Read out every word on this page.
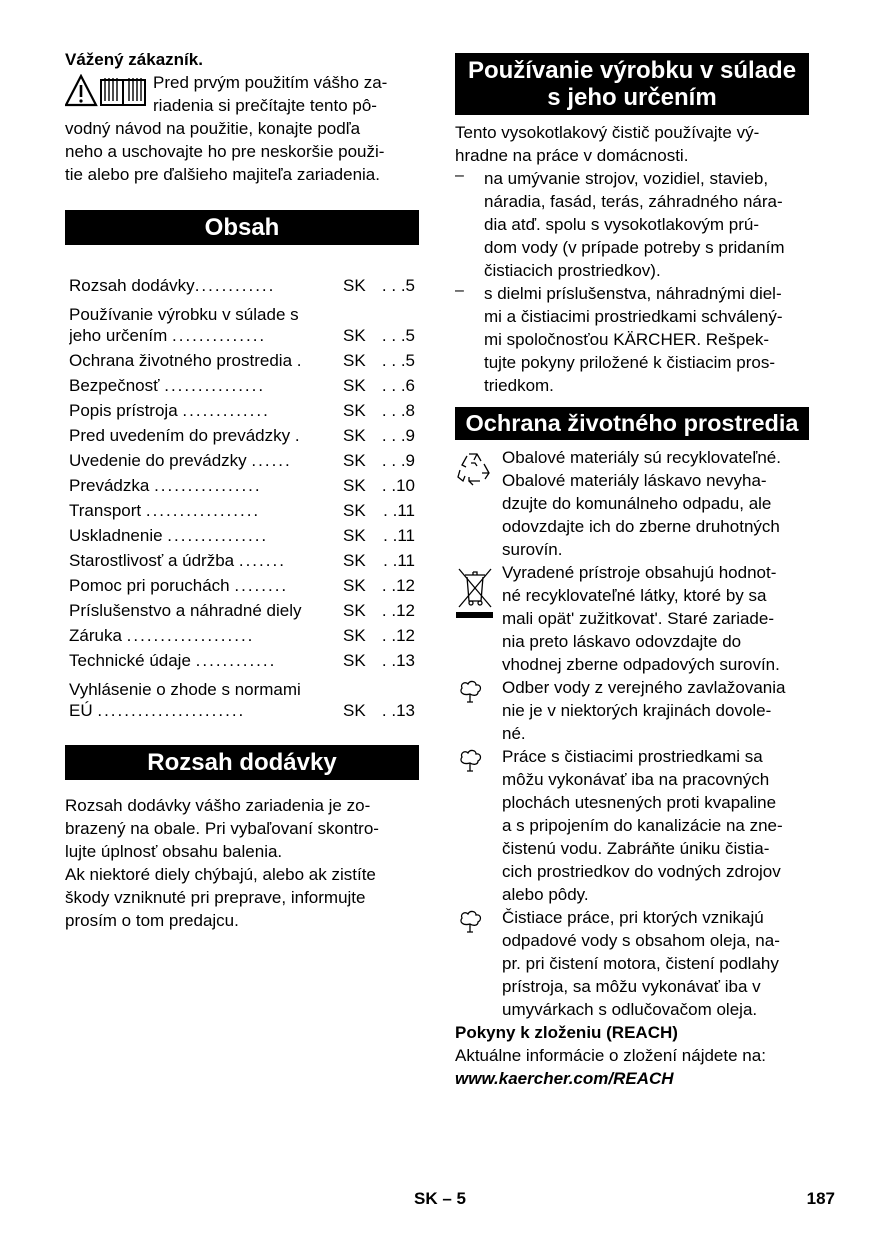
Vážený zákazník.

Pred prvým použitím vášho za-

riadenia si prečítajte tento pô-

vodný návod na použitie, konajte podľa

neho a uschovajte ho pre neskoršie použi-

tie alebo pre ďalšieho majiteľa zariadenia.

Obsah
Rozsah dodávky............	SK . . .5
Používanie výrobku v súlade s
jeho určením ..............	SK . . .5
Ochrana životného prostredia .	SK . . .5
Bezpečnosť ...............	SK . . .6
Popis prístroja .............	SK . . .8
Pred uvedením do prevádzky .	SK . . .9
Uvedenie do prevádzky ......	SK . . .9
Prevádzka ................	SK . .10
Transport .................	SK	. .11
Uskladnenie ...............	SK	. .11
Starostlivosť a údržba .......	SK	. .11
Pomoc pri poruchách ........	SK . .12
Príslušenstvo a náhradné diely	SK . .12
Záruka ...................	SK . .12
Technické údaje ............	SK . .13
Vyhlásenie o zhode s normami
EÚ ......................	SK . .13
Rozsah dodávky

Rozsah dodávky vášho zariadenia je zo-

brazený na obale. Pri vybaľovaní skontro-

lujte úplnosť obsahu balenia.

Ak niektoré diely chýbajú, alebo ak zistíte

škody vzniknuté pri preprave, informujte

prosím o tom predajcu.

Používanie výrobku v súlade
s jeho určením

Tento vysokotlakový čistič používajte vý-

hradne na práce v domácnosti.

– na umývanie strojov, vozidiel, stavieb,

náradia, fasád, terás, záhradného nára-

dia atď. spolu s vysokotlakovým prú-

dom vody (v prípade potreby s pridaním

čistiacich prostriedkov).

– s dielmi príslušenstva, náhradnými diel-

mi a čistiacimi prostriedkami schválený-

mi spoločnosťou KÄRCHER. Rešpek-

tujte pokyny priložené k čistiacim pros-

triedkom.

Ochrana životného prostredia

Obalové materiály sú recyklovateľné.

Obalové materiály láskavo nevyha-

dzujte do komunálneho odpadu, ale

odovzdajte ich do zberne druhotných

surovín.

Vyradené prístroje obsahujú hodnot-

né recyklovateľné látky, ktoré by sa

mali opät' zužitkovat'. Staré zariade-

nia preto láskavo odovzdajte do

vhodnej zberne odpadových surovín.

Odber vody z verejného zavlažovania

nie je v niektorých krajinách dovole-

né.

Práce s čistiacimi prostriedkami sa

môžu vykonávať iba na pracovných

plochách utesnených proti kvapaline

a s pripojením do kanalizácie na zne-

čistenú vodu. Zabráňte úniku čistia-

cich prostriedkov do vodných zdrojov

alebo pôdy.

Čistiace práce, pri ktorých vznikajú

odpadové vody s obsahom oleja, na-

pr. pri čistení motora, čistení podlahy

prístroja, sa môžu vykonávať iba v

umyvárkach s odlučovačom oleja.

Pokyny k zloženiu (REACH)

Aktuálne informácie o zložení nájdete na:

www.kaercher.com/REACH

SK – 5	187
